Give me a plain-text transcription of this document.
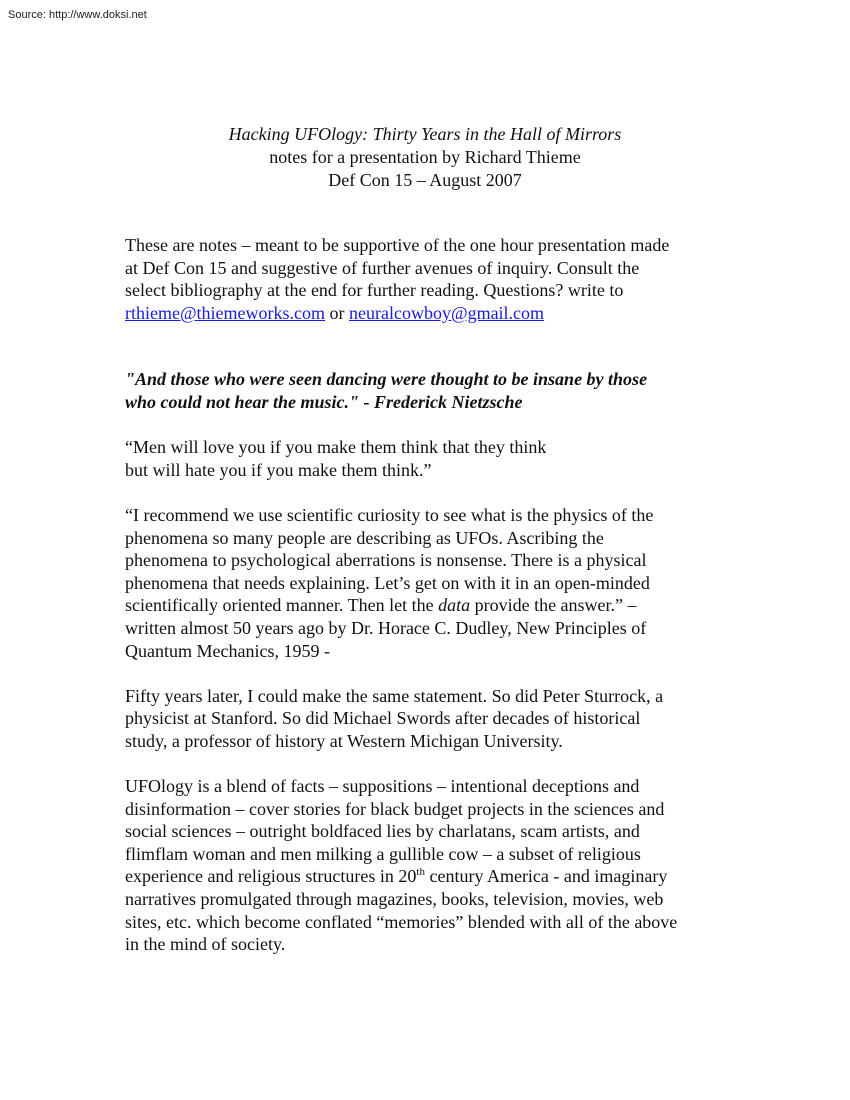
Source: http://www.doksi.net
Hacking UFOlogy: Thirty Years in the Hall of Mirrors
notes for a presentation by Richard Thieme
Def Con 15 – August 2007

These are notes – meant to be supportive of the one hour presentation made
at Def Con 15 and suggestive of further avenues of inquiry. Consult the
select bibliography at the end for further reading. Questions? write to
rthieme@thiemeworks.com or neuralcowboy@gmail.com

"And those who were seen dancing were thought to be insane by those
who could not hear the music." - Frederick Nietzsche

“Men will love you if you make them think that they think
but will hate you if you make them think.”

“I recommend we use scientific curiosity to see what is the physics of the
phenomena so many people are describing as UFOs. Ascribing the
phenomena to psychological aberrations is nonsense. There is a physical
phenomena that needs explaining. Let’s get on with it in an open-minded
scientifically oriented manner. Then let the data provide the answer.” –
written almost 50 years ago by Dr. Horace C. Dudley, New Principles of
Quantum Mechanics, 1959 -

Fifty years later, I could make the same statement. So did Peter Sturrock, a
physicist at Stanford. So did Michael Swords after decades of historical
study, a professor of history at Western Michigan University.

UFOlogy is a blend of facts – suppositions – intentional deceptions and
disinformation – cover stories for black budget projects in the sciences and
social sciences – outright boldfaced lies by charlatans, scam artists, and
flimflam woman and men milking a gullible cow – a subset of religious
experience and religious structures in 20th century America - and imaginary
narratives promulgated through magazines, books, television, movies, web
sites, etc. which become conflated “memories” blended with all of the above
in the mind of society.
